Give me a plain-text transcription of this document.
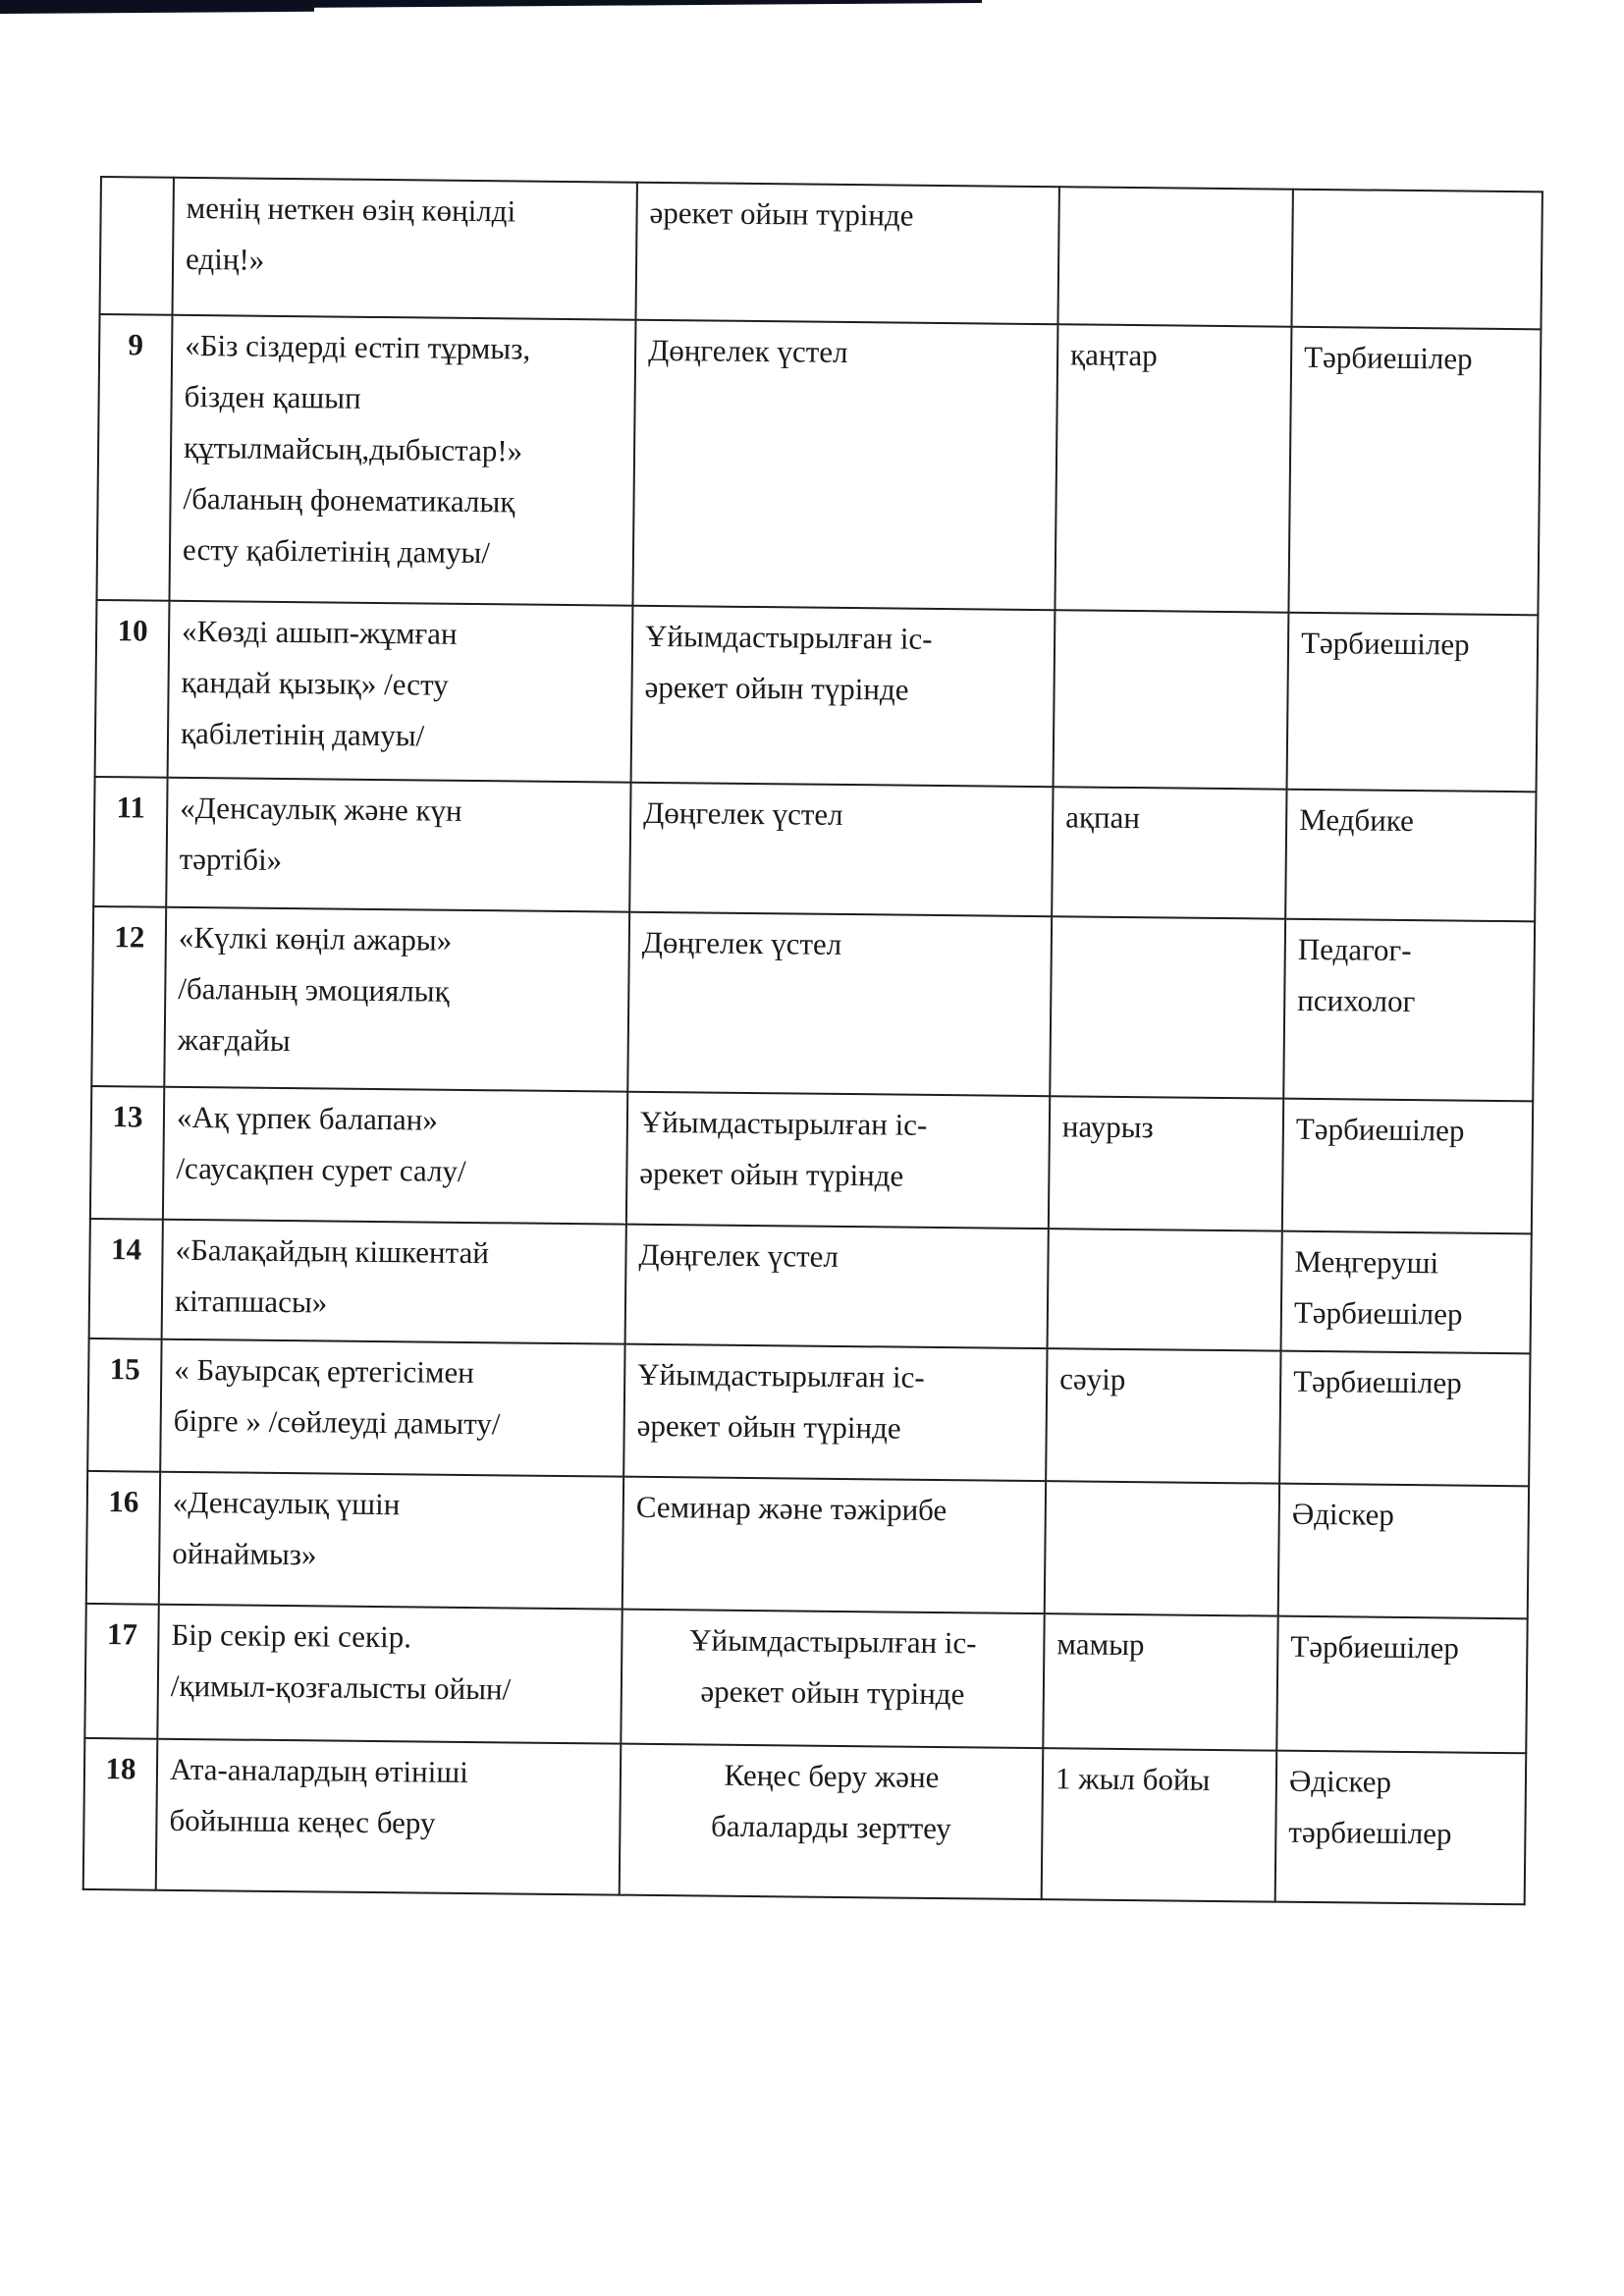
	менің неткен өзің көңілді
едің!»	әрекет ойын түрінде		

9	«Біз сіздерді естіп тұрмыз,
бізден қашып
құтылмайсың,дыбыстар!»
/баланың фонематикалық
есту қабілетінің дамуы/	Дөңгелек үстел	қаңтар	Тәрбиешілер

10	«Көзді ашып-жұмған
қандай қызық» /есту
қабілетінің дамуы/	Ұйымдастырылған іс-
әрекет ойын түрінде		Тәрбиешілер

11	«Денсаулық және күн
тәртібі»	Дөңгелек үстел	ақпан	Медбике

12	«Күлкі көңіл ажары»
/баланың эмоциялық
жағдайы	Дөңгелек үстел		Педагог-
психолог

13	«Ақ үрпек балапан»
/саусақпен сурет салу/	Ұйымдастырылған іс-
әрекет ойын түрінде	наурыз	Тәрбиешілер

14	«Балақайдың кішкентай
кітапшасы»	Дөңгелек үстел		Меңгеруші
Тәрбиешілер

15	« Бауырсақ ертегісімен
бірге » /сөйлеуді дамыту/	Ұйымдастырылған іс-
әрекет ойын түрінде	сәуір	Тәрбиешілер

16	«Денсаулық үшін
ойнаймыз»	Семинар және тәжірибе		Әдіскер

17	Бір секір екі секір.
/қимыл-қозғалысты ойын/	Ұйымдастырылған іс-
әрекет ойын түрінде	мамыр	Тәрбиешілер

18	Ата-аналардың өтініші
бойынша кеңес беру	Кеңес беру және
балаларды зерттеу	1 жыл бойы	Әдіскер
тәрбиешілер
